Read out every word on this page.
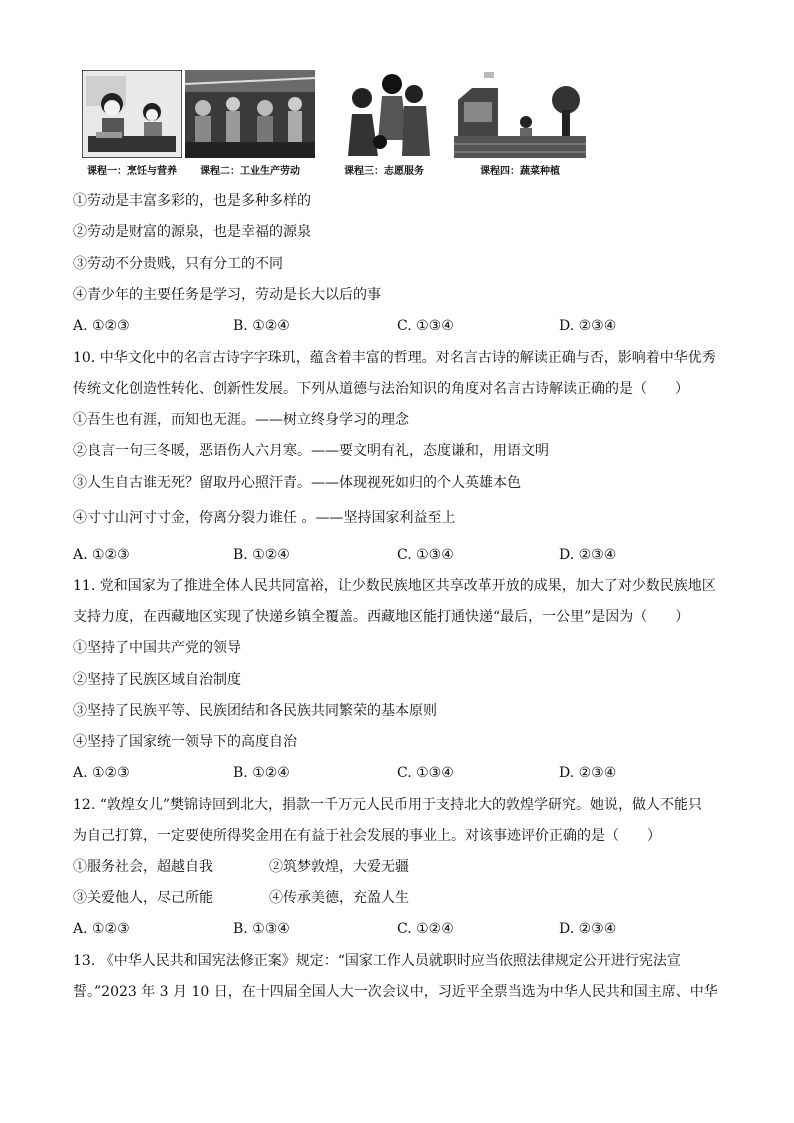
课程一：烹饪与营养	课程二：工业生产劳动	课程三：志愿服务	课程四：蔬菜种植
①劳动是丰富多彩的，也是多种多样的
②劳动是财富的源泉，也是幸福的源泉
③劳动不分贵贱，只有分工的不同
④青少年的主要任务是学习，劳动是长大以后的事
A. ①②③	B. ①②④	C. ①③④	D. ②③④
10. 中华文化中的名言古诗字字珠玑，蕴含着丰富的哲理。对名言古诗的解读正确与否，影响着中华优秀
传统文化创造性转化、创新性发展。下列从道德与法治知识的角度对名言古诗解读正确的是（　　）
①吾生也有涯，而知也无涯。——树立终身学习的理念
②良言一句三冬暖，恶语伤人六月寒。——要文明有礼，态度谦和，用语文明
③人生自古谁无死？留取丹心照汗青。——体现视死如归的个人英雄本色
④寸寸山河寸寸金，侉离分裂力谁任 。——坚持国家利益至上
A. ①②③	B. ①②④	C. ①③④	D. ②③④
11. 党和国家为了推进全体人民共同富裕，让少数民族地区共享改革开放的成果，加大了对少数民族地区
支持力度，在西藏地区实现了快递乡镇全覆盖。西藏地区能打通快递“最后，一公里”是因为（　　）
①坚持了中国共产党的领导
②坚持了民族区域自治制度
③坚持了民族平等、民族团结和各民族共同繁荣的基本原则
④坚持了国家统一领导下的高度自治
A. ①②③	B. ①②④	C. ①③④	D. ②③④
12. “敦煌女儿”樊锦诗回到北大，捐款一千万元人民币用于支持北大的敦煌学研究。她说，做人不能只
为自己打算，一定要使所得奖金用在有益于社会发展的事业上。对该事迹评价正确的是（　　）
①服务社会，超越自我	②筑梦敦煌，大爱无疆
③关爱他人，尽己所能	④传承美德，充盈人生
A. ①②③	B. ①③④	C. ①②④	D. ②③④
13. 《中华人民共和国宪法修正案》规定：“国家工作人员就职时应当依照法律规定公开进行宪法宣
誓。”2023 年 3 月 10 日，在十四届全国人大一次会议中，习近平全票当选为中华人民共和国主席、中华
